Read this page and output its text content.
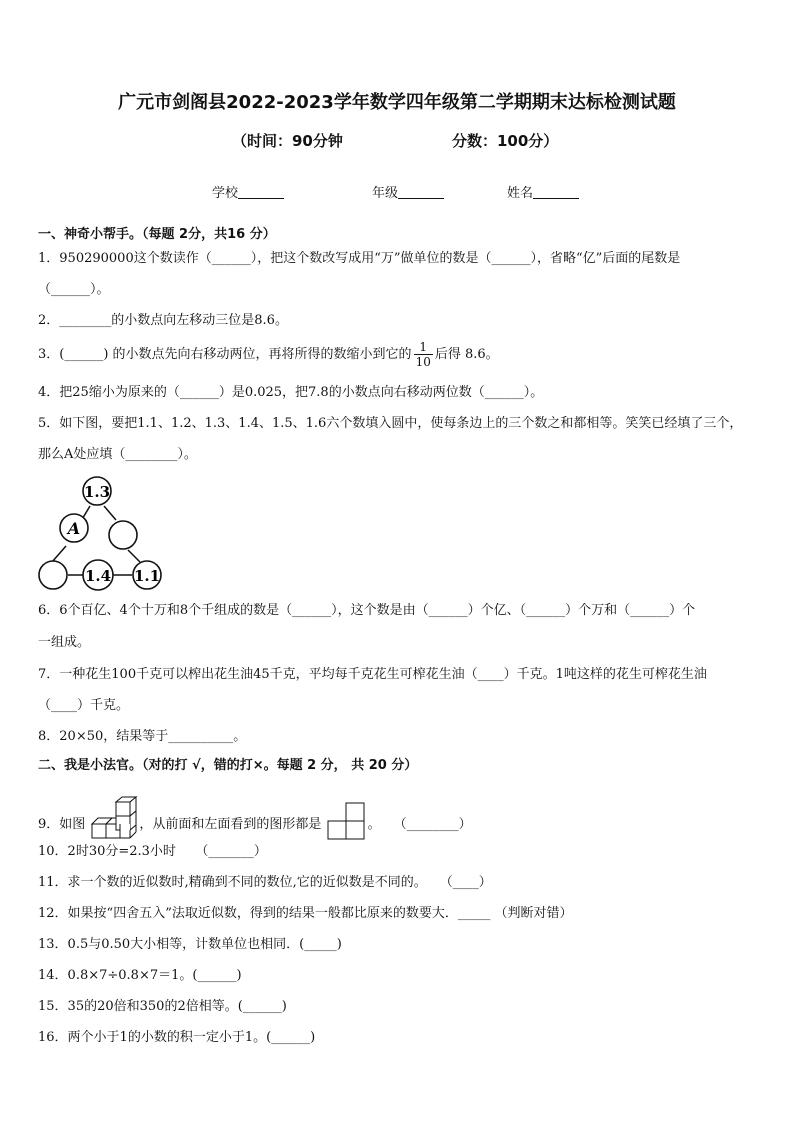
广元市剑阁县2022-2023学年数学四年级第二学期期末达标检测试题
（时间：90分钟	分数：100分）
学校	年级	姓名
一、神奇小帮手。（每题 2分，共16 分）
1．950290000这个数读作（______），把这个数改写成用“万”做单位的数是（______），省略“亿”后面的尾数是
（______）。
2．________的小数点向左移动三位是8.6。
3．(______) 的小数点先向右移动两位，再将所得的数缩小到它的 $\frac{1}{10}$ 后得 8.6。
4．把25缩小为原来的（______）是0.025，把7.8的小数点向右移动两位数（______）。
5．如下图，要把1.1、1.2、1.3、1.4、1.5、1.6六个数填入圆中，使每条边上的三个数之和都相等。笑笑已经填了三个，
那么A处应填（________）。
1.3
A
1.4 1.1
6．6个百亿、4个十万和8个千组成的数是（______），这个数是由（______）个亿、（______）个万和（______）个
一组成。
7．一种花生100千克可以榨出花生油45千克，平均每千克花生可榨花生油（____）千克。1吨这样的花生可榨花生油
（____）千克。
8．20×50，结果等于__________。
二、我是小法官。（对的打 √，错的打×。每题 2 分， 共 20 分）
9．如图	，从前面和左面看到的图形都是	。　　（________）
10．2时30分=2.3小时　　（_______）
11．求一个数的近似数时,精确到不同的数位,它的近似数是不同的。　　（____）
12．如果按“四舍五入”法取近似数，得到的结果一般都比原来的数要大．_____ （判断对错）
13．0.5与0.50大小相等，计数单位也相同．(_____)
14．0.8×7÷0.8×7＝1。(______)
15．35的20倍和350的2倍相等。(______)
16．两个小于1的小数的积一定小于1。(______)
